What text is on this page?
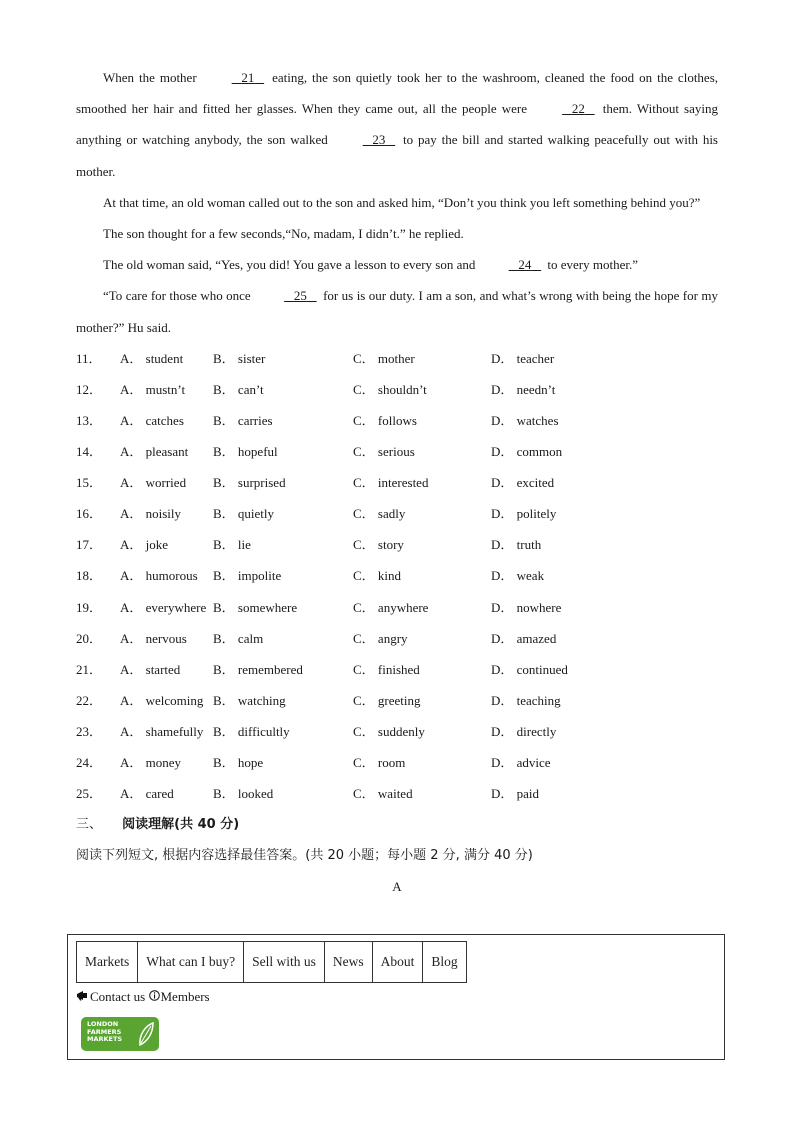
When the mother	21 eating, the son quietly took her to the washroom, cleaned the food on the clothes, smoothed her hair and fitted her glasses. When they came out, all the people were	22 them. Without saying anything or watching anybody, the son walked	23 to pay the bill and started walking peacefully out with his mother.

At that time, an old woman called out to the son and asked him, “Don’t you think you left something behind you?”

The son thought for a few seconds,“No, madam, I didn’t.” he replied.

The old woman said, “Yes, you did! You gave a lesson to every son and	24 to every mother.”

“To care for those who once	25 for us is our duty. I am a son, and what’s wrong with being the hope for my mother?” Hu said.

11．	A． student	B． sister	C． mother	D． teacher
12．	A． mustn’t	B． can’t	C． shouldn’t	D． needn’t
13．	A． catches	B． carries	C． follows	D． watches
14．	A． pleasant	B． hopeful	C． serious	D． common
15．	A． worried	B． surprised	C． interested	D． excited
16．	A． noisily	B． quietly	C． sadly	D． politely
17．	A． joke	B． lie	C． story	D． truth
18．	A． humorous	B． impolite	C． kind	D． weak
19．	A． everywhere B． somewhere	C． anywhere	D． nowhere
20．	A． nervous	B． calm	C． angry	D． amazed
21．	A． started	B． remembered	C． finished	D． continued
22．	A． welcoming B． watching	C． greeting	D． teaching
23．	A． shamefully B． difficultly	C． suddenly	D． directly
24．	A． money	B． hope	C． room	D． advice
25．	A． cared	B． looked	C． waited	D． paid
三、 阅读理解(共 40 分)
阅读下列短文, 根据内容选择最佳答案。(共 20 小题；每小题 2 分, 满分 40 分)
A
Markets	What can I buy?	Sell with us	News	About	Blog
Contact us Members
LONDON
FARMERS
MARKETS
